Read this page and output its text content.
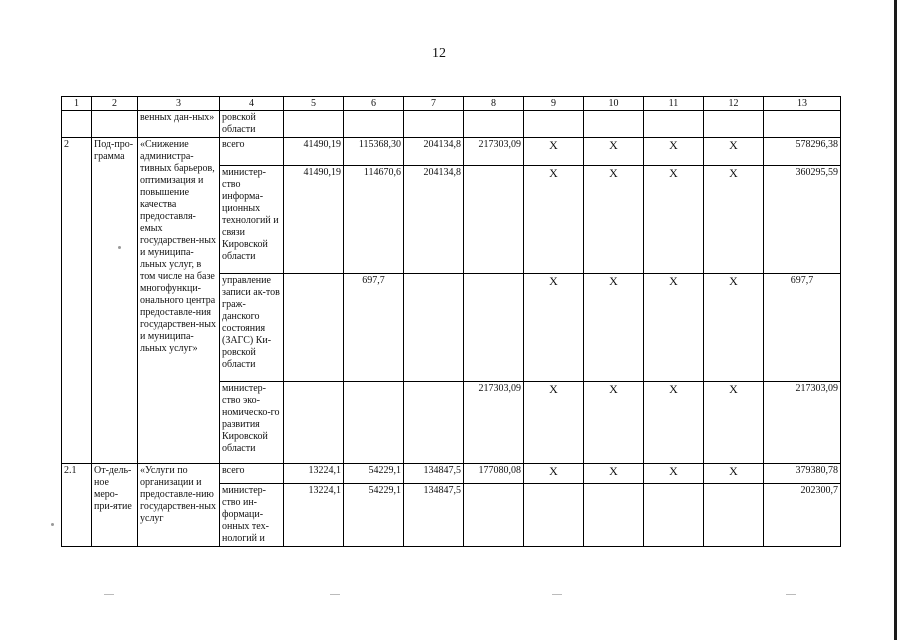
12
1	2	3	4	5	6	7	8	9	10	11	12	13
		венных дан-ных»	ровской области									
2	Под-про-грамма	«Снижение администра-тивных барьеров, оптимизация и повышение качества предоставля-емых государствен-ных и муниципа-льных услуг, в том числе на базе многофункци-онального центра предоставле-ния государствен-ных и муниципа-льных услуг»	всего	41490,19	115368,30	204134,8	217303,09	X	X	X	X	578296,38
			министер-ство информа-ционных технологий и связи Кировской области	41490,19	114670,6	204134,8		X	X	X	X	360295,59
			управление записи ак-тов граж-данского состояния (ЗАГС) Ки-ровской области		697,7			X	X	X	X	697,7
			министер-ство эко-номическо-го развития Кировской области				217303,09	X	X	X	X	217303,09
2.1	От-дель-ное меро-при-ятие	«Услуги по организации и предоставле-нию государствен-ных услуг	всего	13224,1	54229,1	134847,5	177080,08	X	X	X	X	379380,78
			министер-ство ин-формаци-онных тех-нологий и	13224,1	54229,1	134847,5						202300,7
